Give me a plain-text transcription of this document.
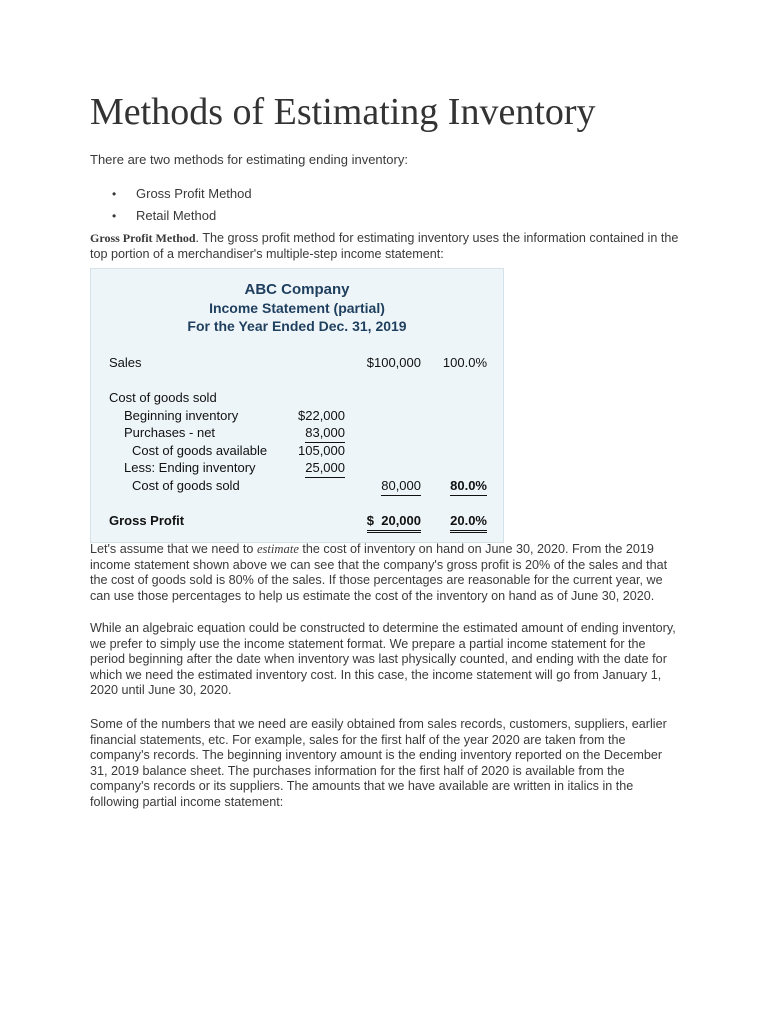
Methods of Estimating Inventory

There are two methods for estimating ending inventory:

• Gross Profit Method
• Retail Method

Gross Profit Method. The gross profit method for estimating inventory uses the information contained in the top portion of a merchandiser's multiple-step income statement:

ABC Company
Income Statement (partial)
For the Year Ended Dec. 31, 2019
Sales	$100,000 100.0%
Cost of goods sold
Beginning inventory	$22,000
Purchases - net	83,000
Cost of goods available 105,000
Less: Ending inventory	25,000
Cost of goods sold	80,000 80.0%
Gross Profit	$  20,000 20.0%

Let's assume that we need to estimate the cost of inventory on hand on June 30, 2020. From the 2019 income statement shown above we can see that the company's gross profit is 20% of the sales and that the cost of goods sold is 80% of the sales. If those percentages are reasonable for the current year, we can use those percentages to help us estimate the cost of the inventory on hand as of June 30, 2020.

While an algebraic equation could be constructed to determine the estimated amount of ending inventory, we prefer to simply use the income statement format. We prepare a partial income statement for the period beginning after the date when inventory was last physically counted, and ending with the date for which we need the estimated inventory cost. In this case, the income statement will go from January 1, 2020 until June 30, 2020.

Some of the numbers that we need are easily obtained from sales records, customers, suppliers, earlier financial statements, etc. For example, sales for the first half of the year 2020 are taken from the company's records. The beginning inventory amount is the ending inventory reported on the December 31, 2019 balance sheet. The purchases information for the first half of 2020 is available from the company's records or its suppliers. The amounts that we have available are written in italics in the following partial income statement:
